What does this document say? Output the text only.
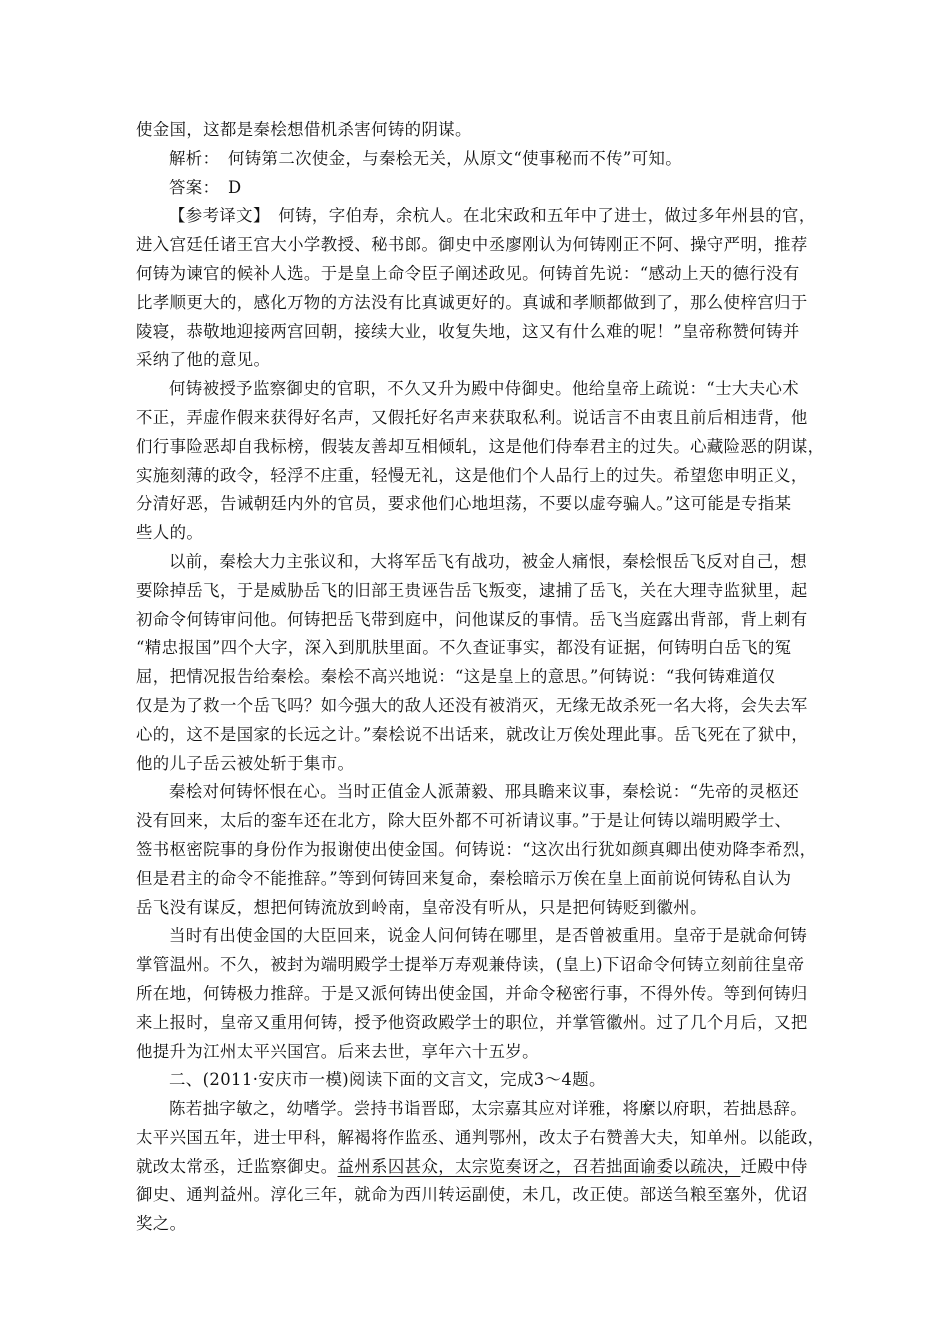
使金国，这都是秦桧想借机杀害何铸的阴谋。
解析：　何铸第二次使金，与秦桧无关，从原文“使事秘而不传”可知。
答案：　D
【参考译文】　何铸，字伯寿，余杭人。在北宋政和五年中了进士，做过多年州县的官，
进入宫廷任诸王宫大小学教授、秘书郎。御史中丞廖刚认为何铸刚正不阿、操守严明，推荐
何铸为谏官的候补人选。于是皇上命令臣子阐述政见。何铸首先说：“感动上天的德行没有
比孝顺更大的，感化万物的方法没有比真诚更好的。真诚和孝顺都做到了，那么使梓宫归于
陵寝，恭敬地迎接两宫回朝，接续大业，收复失地，这又有什么难的呢！”皇帝称赞何铸并
采纳了他的意见。
何铸被授予监察御史的官职，不久又升为殿中侍御史。他给皇帝上疏说：“士大夫心术
不正，弄虚作假来获得好名声，又假托好名声来获取私利。说话言不由衷且前后相违背，他
们行事险恶却自我标榜，假装友善却互相倾轧，这是他们侍奉君主的过失。心藏险恶的阴谋，
实施刻薄的政令，轻浮不庄重，轻慢无礼，这是他们个人品行上的过失。希望您申明正义，
分清好恶，告诫朝廷内外的官员，要求他们心地坦荡，不要以虚夸骗人。”这可能是专指某
些人的。
以前，秦桧大力主张议和，大将军岳飞有战功，被金人痛恨，秦桧恨岳飞反对自己，想
要除掉岳飞，于是威胁岳飞的旧部王贵诬告岳飞叛变，逮捕了岳飞，关在大理寺监狱里，起
初命令何铸审问他。何铸把岳飞带到庭中，问他谋反的事情。岳飞当庭露出背部，背上刺有
“精忠报国”四个大字，深入到肌肤里面。不久查证事实，都没有证据，何铸明白岳飞的冤
屈，把情况报告给秦桧。秦桧不高兴地说：“这是皇上的意思。”何铸说：“我何铸难道仅
仅是为了救一个岳飞吗？如今强大的敌人还没有被消灭，无缘无故杀死一名大将，会失去军
心的，这不是国家的长远之计。”秦桧说不出话来，就改让万俟处理此事。岳飞死在了狱中，
他的儿子岳云被处斩于集市。
秦桧对何铸怀恨在心。当时正值金人派萧毅、邢具瞻来议事，秦桧说：“先帝的灵柩还
没有回来，太后的銮车还在北方，除大臣外都不可祈请议事。”于是让何铸以端明殿学士、
签书枢密院事的身份作为报谢使出使金国。何铸说：“这次出行犹如颜真卿出使劝降李希烈，
但是君主的命令不能推辞。”等到何铸回来复命，秦桧暗示万俟在皇上面前说何铸私自认为
岳飞没有谋反，想把何铸流放到岭南，皇帝没有听从，只是把何铸贬到徽州。
当时有出使金国的大臣回来，说金人问何铸在哪里，是否曾被重用。皇帝于是就命何铸
掌管温州。不久，被封为端明殿学士提举万寿观兼侍读，(皇上)下诏命令何铸立刻前往皇帝
所在地，何铸极力推辞。于是又派何铸出使金国，并命令秘密行事，不得外传。等到何铸归
来上报时，皇帝又重用何铸，授予他资政殿学士的职位，并掌管徽州。过了几个月后，又把
他提升为江州太平兴国宫。后来去世，享年六十五岁。
二、(2011·安庆市一模)阅读下面的文言文，完成3～4题。
陈若拙字敏之，幼嗜学。尝持书诣晋邸，太宗嘉其应对详雅，将縻以府职，若拙恳辞。
太平兴国五年，进士甲科，解褐将作监丞、通判鄂州，改太子右赞善大夫，知单州。以能政，
就改太常丞，迁监察御史。益州系囚甚众，太宗览奏讶之，召若拙面谕委以疏决，迁殿中侍
御史、通判益州。淳化三年，就命为西川转运副使，未几，改正使。部送刍粮至塞外，优诏
奖之。
